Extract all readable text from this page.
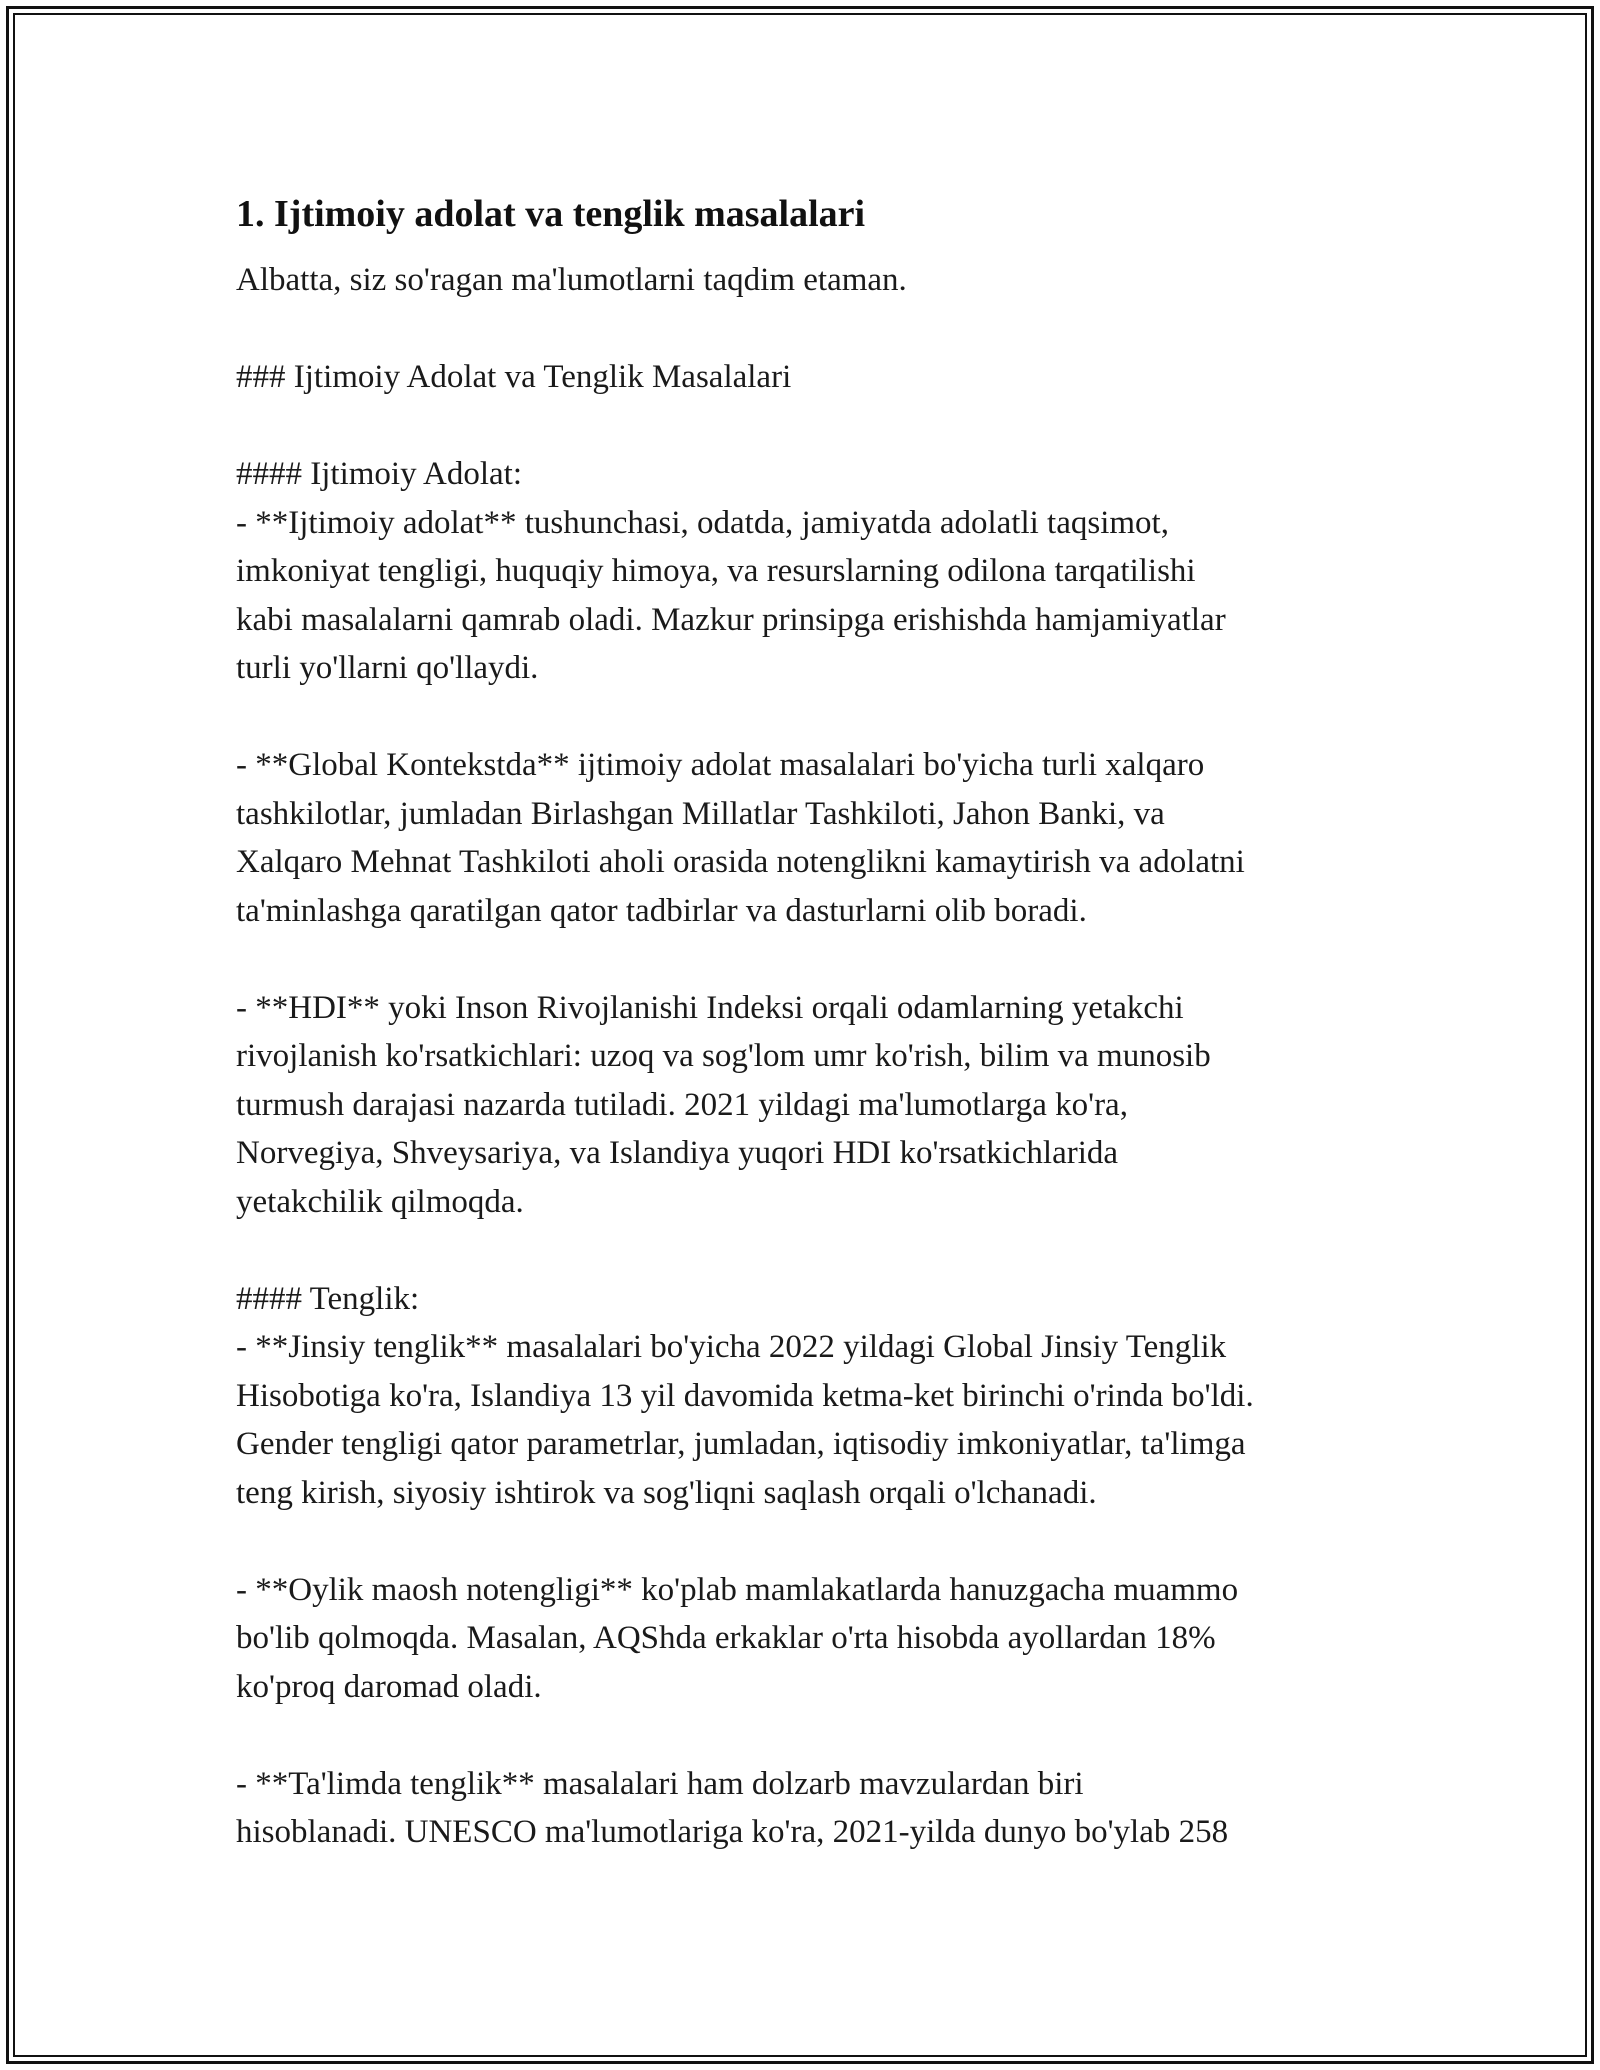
1. Ijtimoiy adolat va tenglik masalalari

Albatta, siz so'ragan ma'lumotlarni taqdim etaman.

### Ijtimoiy Adolat va Tenglik Masalalari

#### Ijtimoiy Adolat:

- **Ijtimoiy adolat** tushunchasi, odatda, jamiyatda adolatli taqsimot,
imkoniyat tengligi, huquqiy himoya, va resurslarning odilona tarqatilishi
kabi masalalarni qamrab oladi. Mazkur prinsipga erishishda hamjamiyatlar
turli yo'llarni qo'llaydi.

- **Global Kontekstda** ijtimoiy adolat masalalari bo'yicha turli xalqaro
tashkilotlar, jumladan Birlashgan Millatlar Tashkiloti, Jahon Banki, va
Xalqaro Mehnat Tashkiloti aholi orasida notenglikni kamaytirish va adolatni
ta'minlashga qaratilgan qator tadbirlar va dasturlarni olib boradi.

- **HDI** yoki Inson Rivojlanishi Indeksi orqali odamlarning yetakchi
rivojlanish ko'rsatkichlari: uzoq va sog'lom umr ko'rish, bilim va munosib
turmush darajasi nazarda tutiladi. 2021 yildagi ma'lumotlarga ko'ra,
Norvegiya, Shveysariya, va Islandiya yuqori HDI ko'rsatkichlarida
yetakchilik qilmoqda.

#### Tenglik:

- **Jinsiy tenglik** masalalari bo'yicha 2022 yildagi Global Jinsiy Tenglik
Hisobotiga ko'ra, Islandiya 13 yil davomida ketma-ket birinchi o'rinda bo'ldi.
Gender tengligi qator parametrlar, jumladan, iqtisodiy imkoniyatlar, ta'limga
teng kirish, siyosiy ishtirok va sog'liqni saqlash orqali o'lchanadi.

- **Oylik maosh notengligi** ko'plab mamlakatlarda hanuzgacha muammo
bo'lib qolmoqda. Masalan, AQShda erkaklar o'rta hisobda ayollardan 18%
ko'proq daromad oladi.

- **Ta'limda tenglik** masalalari ham dolzarb mavzulardan biri
hisoblanadi. UNESCO ma'lumotlariga ko'ra, 2021-yilda dunyo bo'ylab 258
